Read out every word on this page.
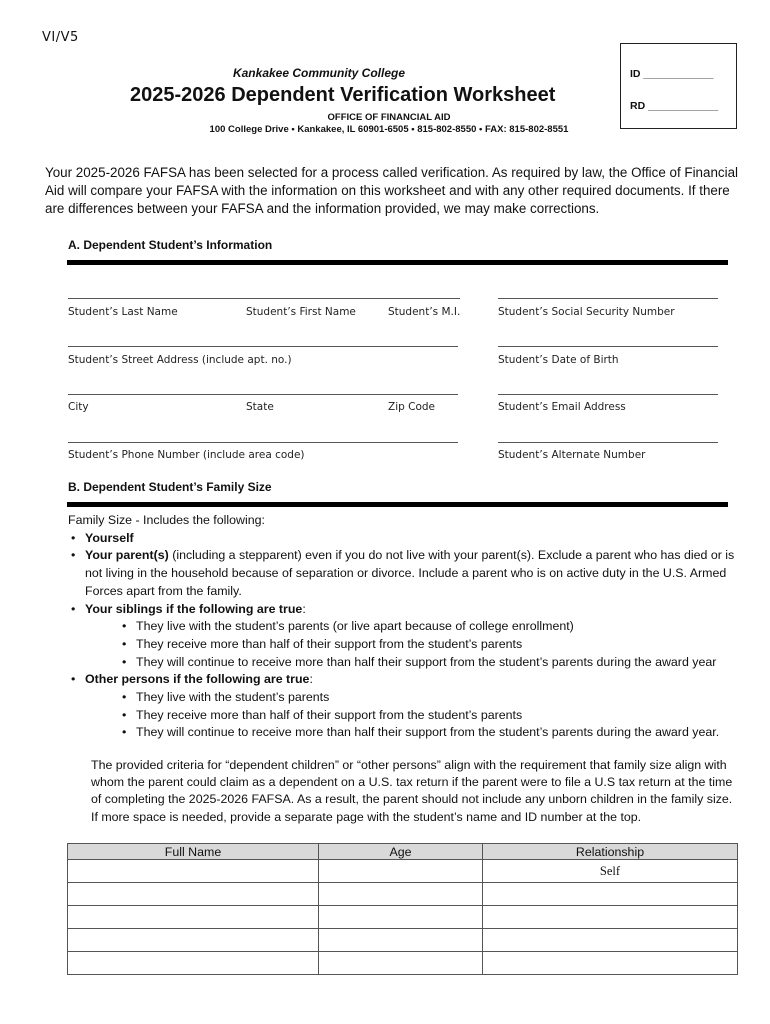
VI/V5
Kankakee Community College
2025-2026 Dependent Verification Worksheet
OFFICE OF FINANCIAL AID
100 College Drive • Kankakee, IL 60901-6505 • 815-802-8550 • FAX: 815-802-8551
ID ____________
RD ____________
Your 2025-2026 FAFSA has been selected for a process called verification. As required by law, the Office of Financial Aid will compare your FAFSA with the information on this worksheet and with any other required documents. If there are differences between your FAFSA and the information provided, we may make corrections.
A. Dependent Student’s Information
Student’s Last Name	Student’s First Name	Student’s M.I.	Student’s Social Security Number
Student’s Street Address (include apt. no.)	Student’s Date of Birth
City	State	Zip Code	Student’s Email Address
Student’s Phone Number (include area code)	Student’s Alternate Number
B. Dependent Student’s Family Size
Family Size - Includes the following:
• Yourself
• Your parent(s) (including a stepparent) even if you do not live with your parent(s). Exclude a parent who has died or is not living in the household because of separation or divorce. Include a parent who is on active duty in the U.S. Armed Forces apart from the family.
• Your siblings if the following are true:
• They live with the student’s parents (or live apart because of college enrollment)
• They receive more than half of their support from the student’s parents
• They will continue to receive more than half their support from the student’s parents during the award year
• Other persons if the following are true:
• They live with the student’s parents
• They receive more than half of their support from the student’s parents
• They will continue to receive more than half their support from the student’s parents during the award year.
The provided criteria for “dependent children” or “other persons” align with the requirement that family size align with whom the parent could claim as a dependent on a U.S. tax return if the parent were to file a U.S tax return at the time of completing the 2025-2026 FAFSA. As a result, the parent should not include any unborn children in the family size.
If more space is needed, provide a separate page with the student’s name and ID number at the top.
Full Name	Age	Relationship
		Self
